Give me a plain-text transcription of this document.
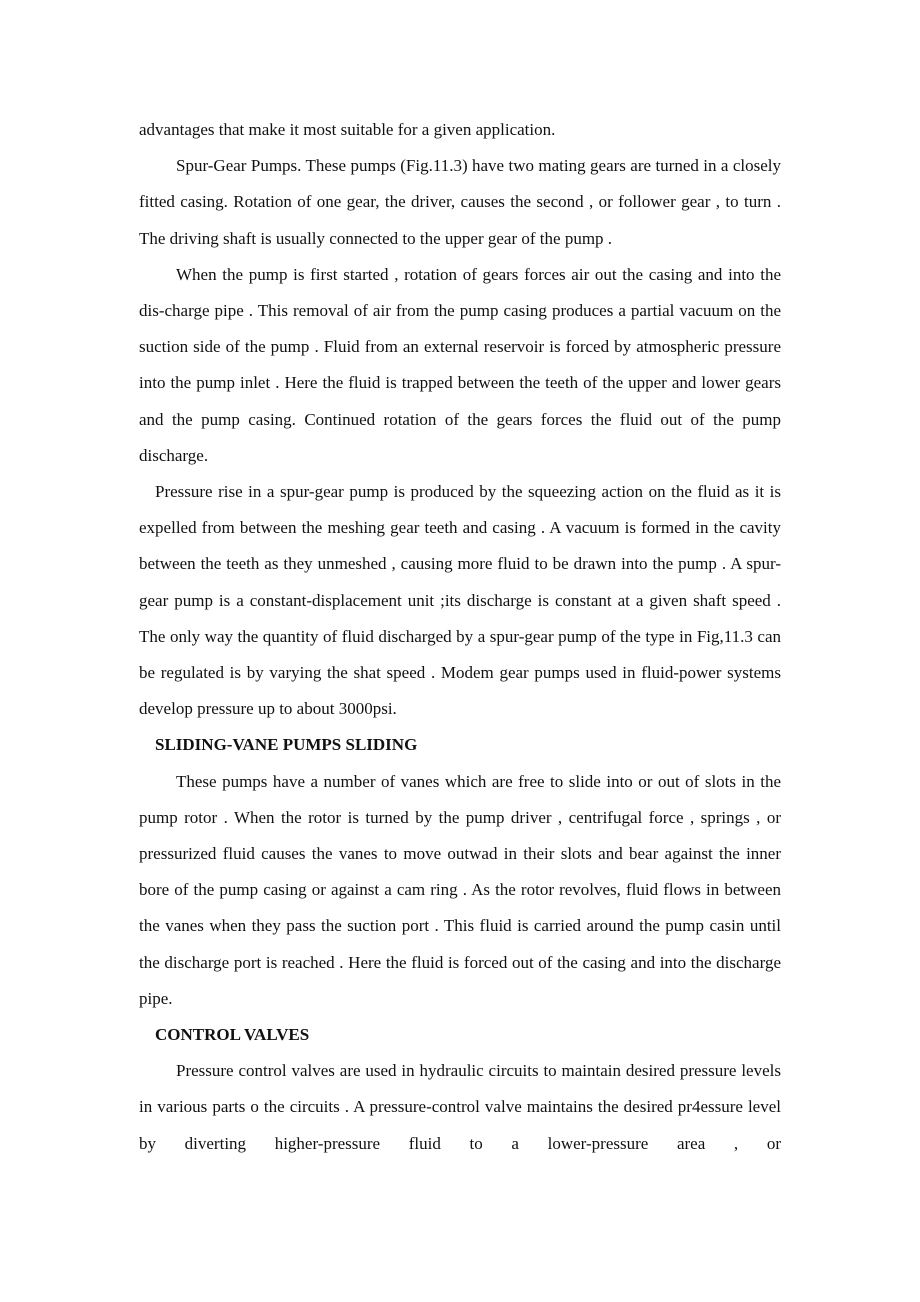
advantages that make it most suitable for a given application.

Spur-Gear Pumps. These pumps (Fig.11.3) have two mating gears are turned in a closely fitted casing. Rotation of one gear, the driver, causes the second , or follower gear , to turn . The driving shaft is usually connected to the upper gear of the pump .

When the pump is first started , rotation of gears forces air out the casing and into the dis-charge pipe . This removal of air from the pump casing produces a partial vacuum on the suction side of the pump . Fluid from an external reservoir is forced by atmospheric pressure into the pump inlet . Here the fluid is trapped between the teeth of the upper and lower gears and the pump casing. Continued rotation of the gears forces the fluid out of the pump discharge.

Pressure rise in a spur-gear pump is produced by the squeezing action on the fluid as it is expelled from between the meshing gear teeth and casing . A vacuum is formed in the cavity between the teeth as they unmeshed , causing more fluid to be drawn into the pump . A spur-gear pump is a constant-displacement unit ;its discharge is constant at a given shaft speed . The only way the quantity of fluid discharged by a spur-gear pump of the type in Fig,11.3 can be regulated is by varying the shat speed . Modem gear pumps used in fluid-power systems develop pressure up to about 3000psi.

SLIDING-VANE PUMPS SLIDING

These pumps have a number of vanes which are free to slide into or out of slots in the pump rotor . When the rotor is turned by the pump driver , centrifugal force , springs , or pressurized fluid causes the vanes to move outwad in their slots and bear against the inner bore of the pump casing or against a cam ring . As the rotor revolves, fluid flows in between the vanes when they pass the suction port . This fluid is carried around the pump casin until the discharge port is reached . Here the fluid is forced out of the casing and into the discharge pipe.

CONTROL VALVES

Pressure control valves are used in hydraulic circuits to maintain desired pressure levels in various parts o the circuits . A pressure-control valve maintains the desired pr4essure level by diverting higher-pressure fluid to a lower-pressure area , or
